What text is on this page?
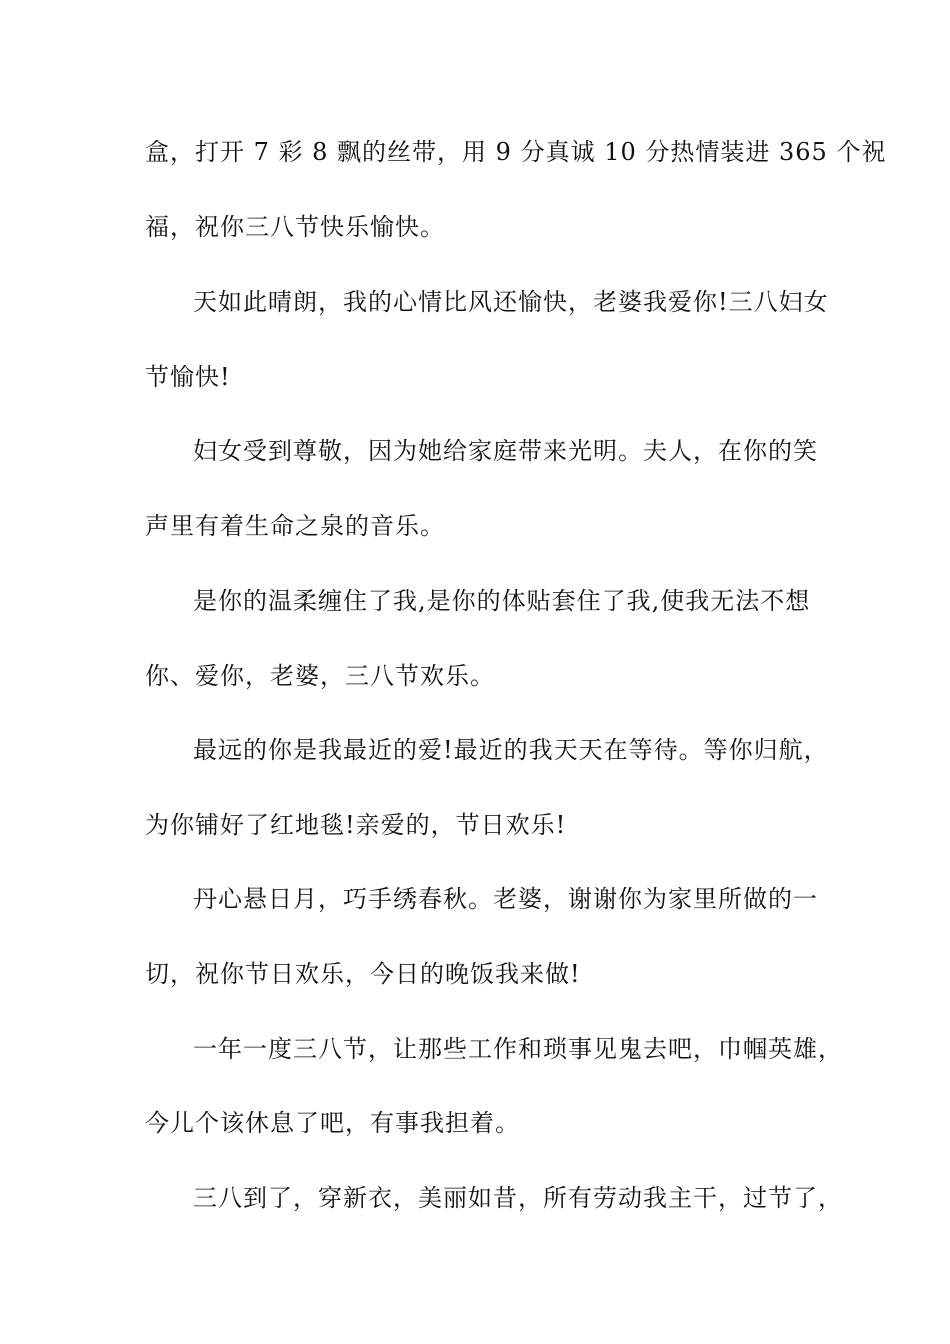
盒，打开 7 彩 8 飘的丝带，用 9 分真诚 10 分热情装进 365 个祝
福，祝你三八节快乐愉快。
天如此晴朗，我的心情比风还愉快，老婆我爱你!三八妇女
节愉快!
妇女受到尊敬，因为她给家庭带来光明。夫人，在你的笑
声里有着生命之泉的音乐。
是你的温柔缠住了我,是你的体贴套住了我,使我无法不想
你、爱你，老婆，三八节欢乐。
最远的你是我最近的爱!最近的我天天在等待。等你归航，
为你铺好了红地毯!亲爱的，节日欢乐!
丹心悬日月，巧手绣春秋。老婆，谢谢你为家里所做的一
切，祝你节日欢乐，今日的晚饭我来做!
一年一度三八节，让那些工作和琐事见鬼去吧，巾帼英雄，
今儿个该休息了吧，有事我担着。
三八到了，穿新衣，美丽如昔，所有劳动我主干，过节了，
